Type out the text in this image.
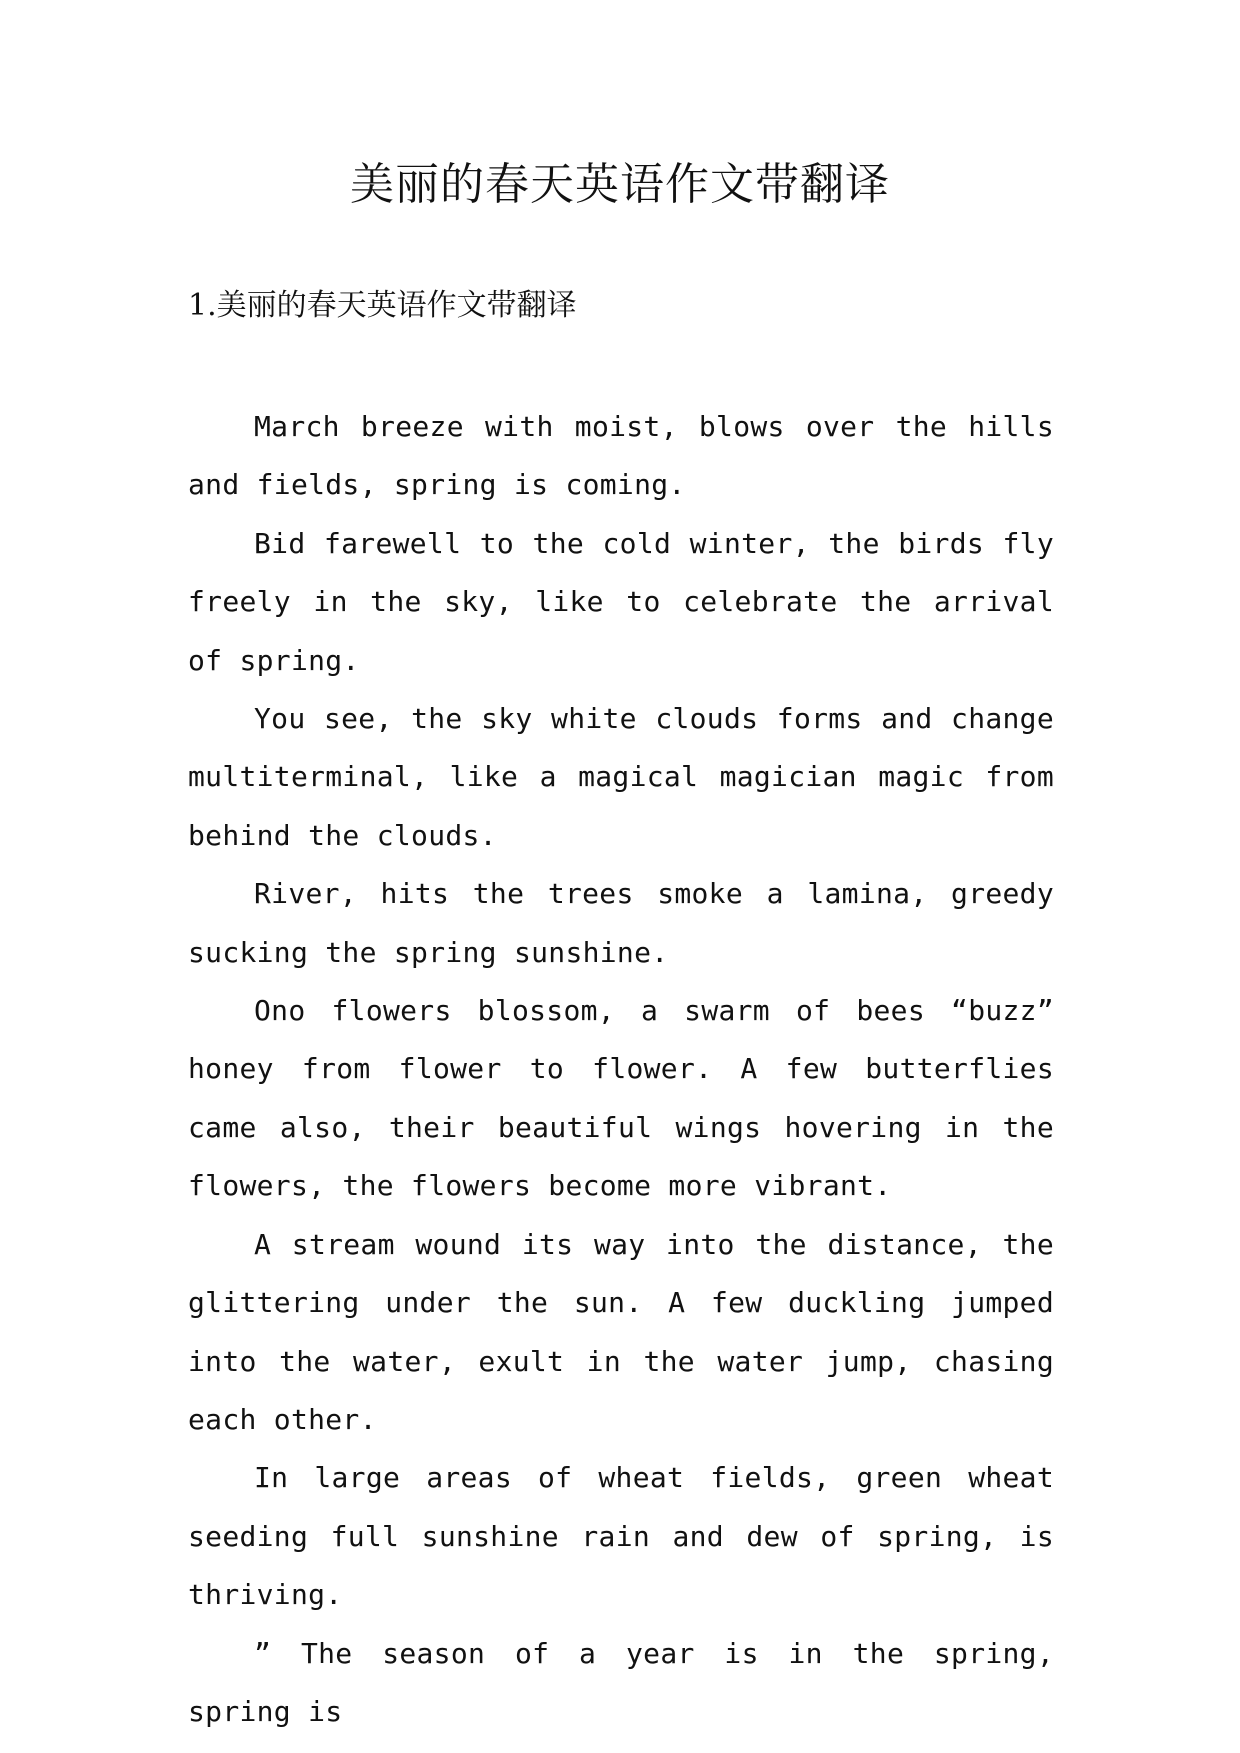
美丽的春天英语作文带翻译
1.美丽的春天英语作文带翻译

March breeze with moist, blows over the hills and fields, spring is coming.

Bid farewell to the cold winter, the birds fly freely in the sky, like to celebrate the arrival of spring.

You see, the sky white clouds forms and change multiterminal, like a magical magician magic from behind the clouds.

River, hits the trees smoke a lamina, greedy sucking the spring sunshine.

Ono flowers blossom, a swarm of bees “buzz” honey from flower to flower. A few butterflies came also, their beautiful wings hovering in the flowers, the flowers become more vibrant.

A stream wound its way into the distance, the glittering under the sun. A few duckling jumped into the water, exult in the water jump, chasing each other.

In large areas of wheat fields, green wheat seeding full sunshine rain and dew of spring, is thriving.

” The season of a year is in the spring, spring is
